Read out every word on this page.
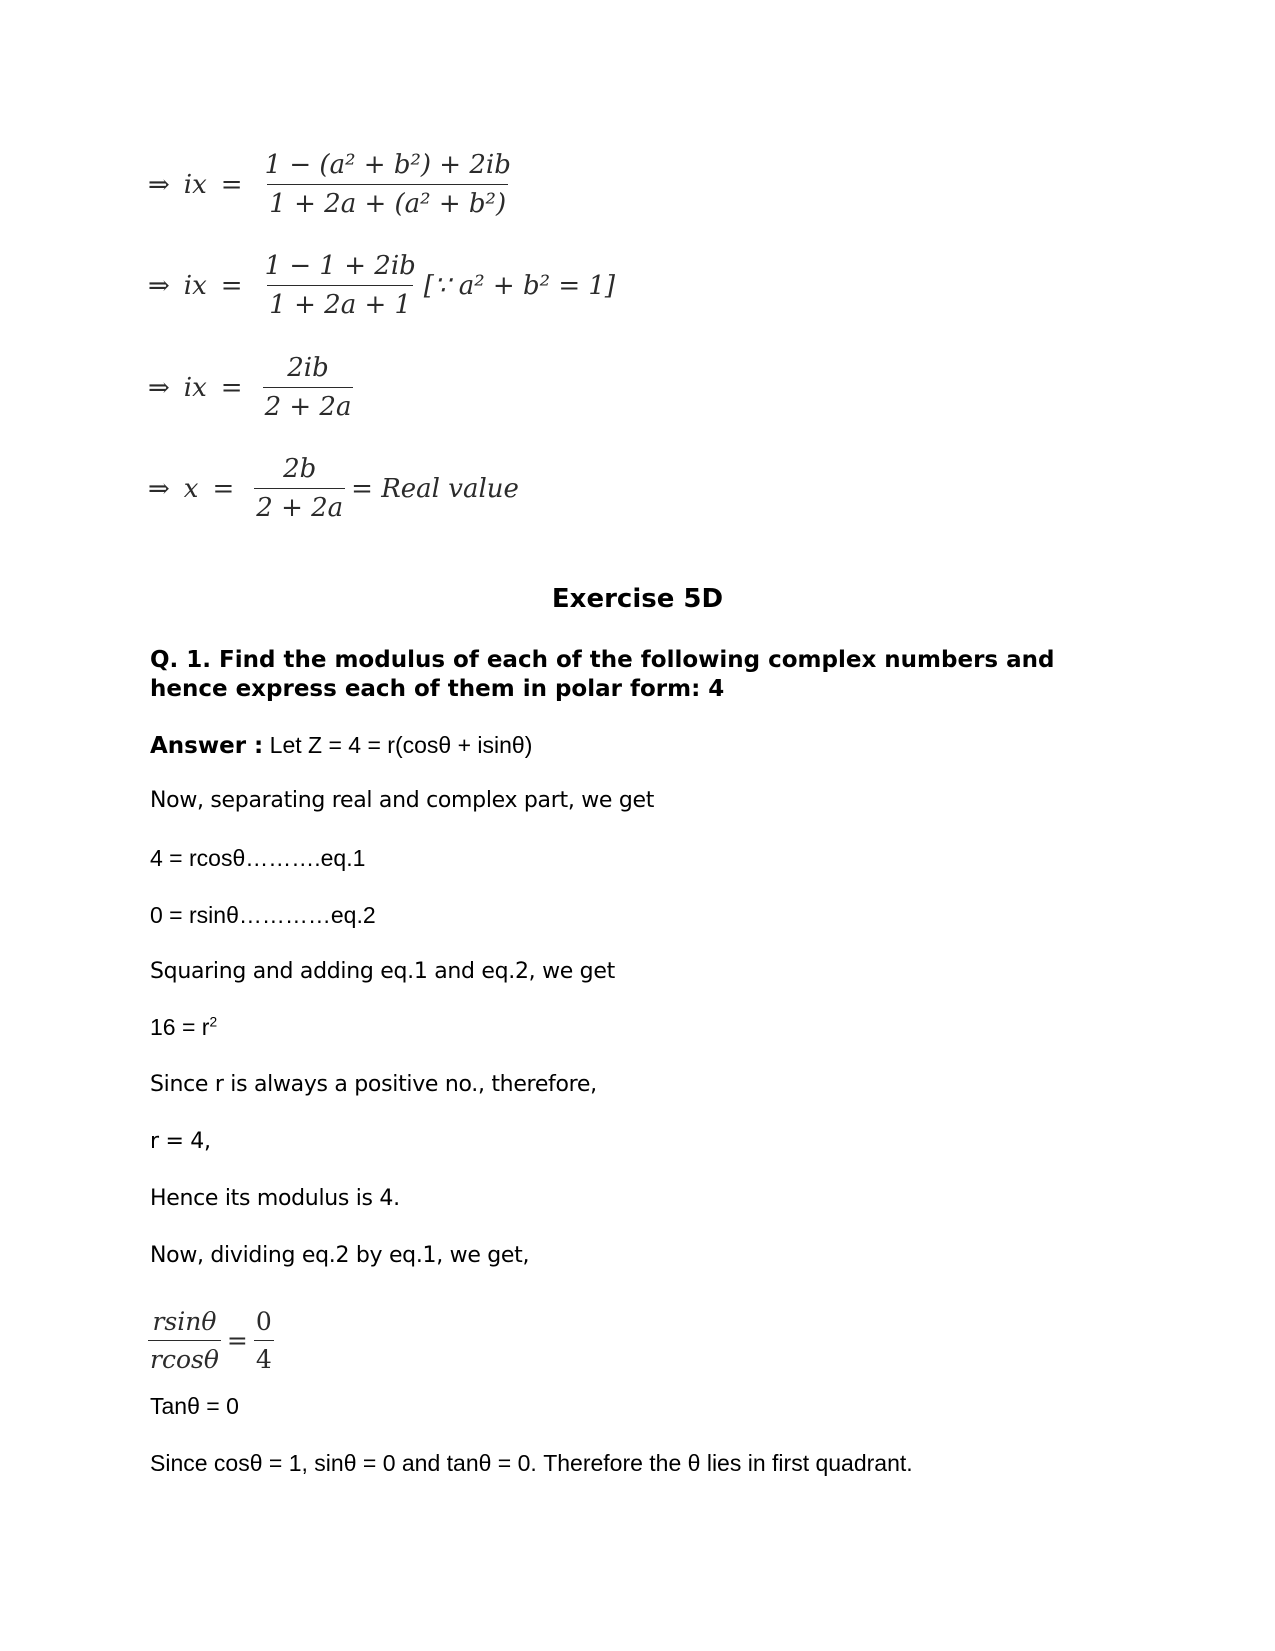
⇒ ix = $\frac{\text{1 − (a² + b²) + 2ib}}{\text{1 + 2a + (a² + b²)}}$
⇒ ix = $\frac{1 - 1 + 2ib}{1 + 2a + 1}$ [∵ a² + b² = 1]
⇒ ix = $\frac{2ib}{2 + 2a}$
⇒ $x = \frac{2b}{2 + 2a}$ = Real value
Exercise 5D
Q. 1. Find the modulus of each of the following complex numbers and hence express each of them in polar form: 4
Answer : Let Z = 4 = r(cosθ + isinθ)
Now, separating real and complex part, we get
4 = rcosθ……….eq.1
0 = rsinθ…………eq.2
Squaring and adding eq.1 and eq.2, we get
$16 = r^2$
Since r is always a positive no., therefore,
r = 4,
Hence its modulus is 4.
Now, dividing eq.2 by eq.1, we get,
$\frac{rsin\theta}{rcos\theta} = \frac{0}{4}$
Tanθ = 0
Since cosθ = 1, sinθ = 0 and tanθ = 0. Therefore the θ lies in first quadrant.
